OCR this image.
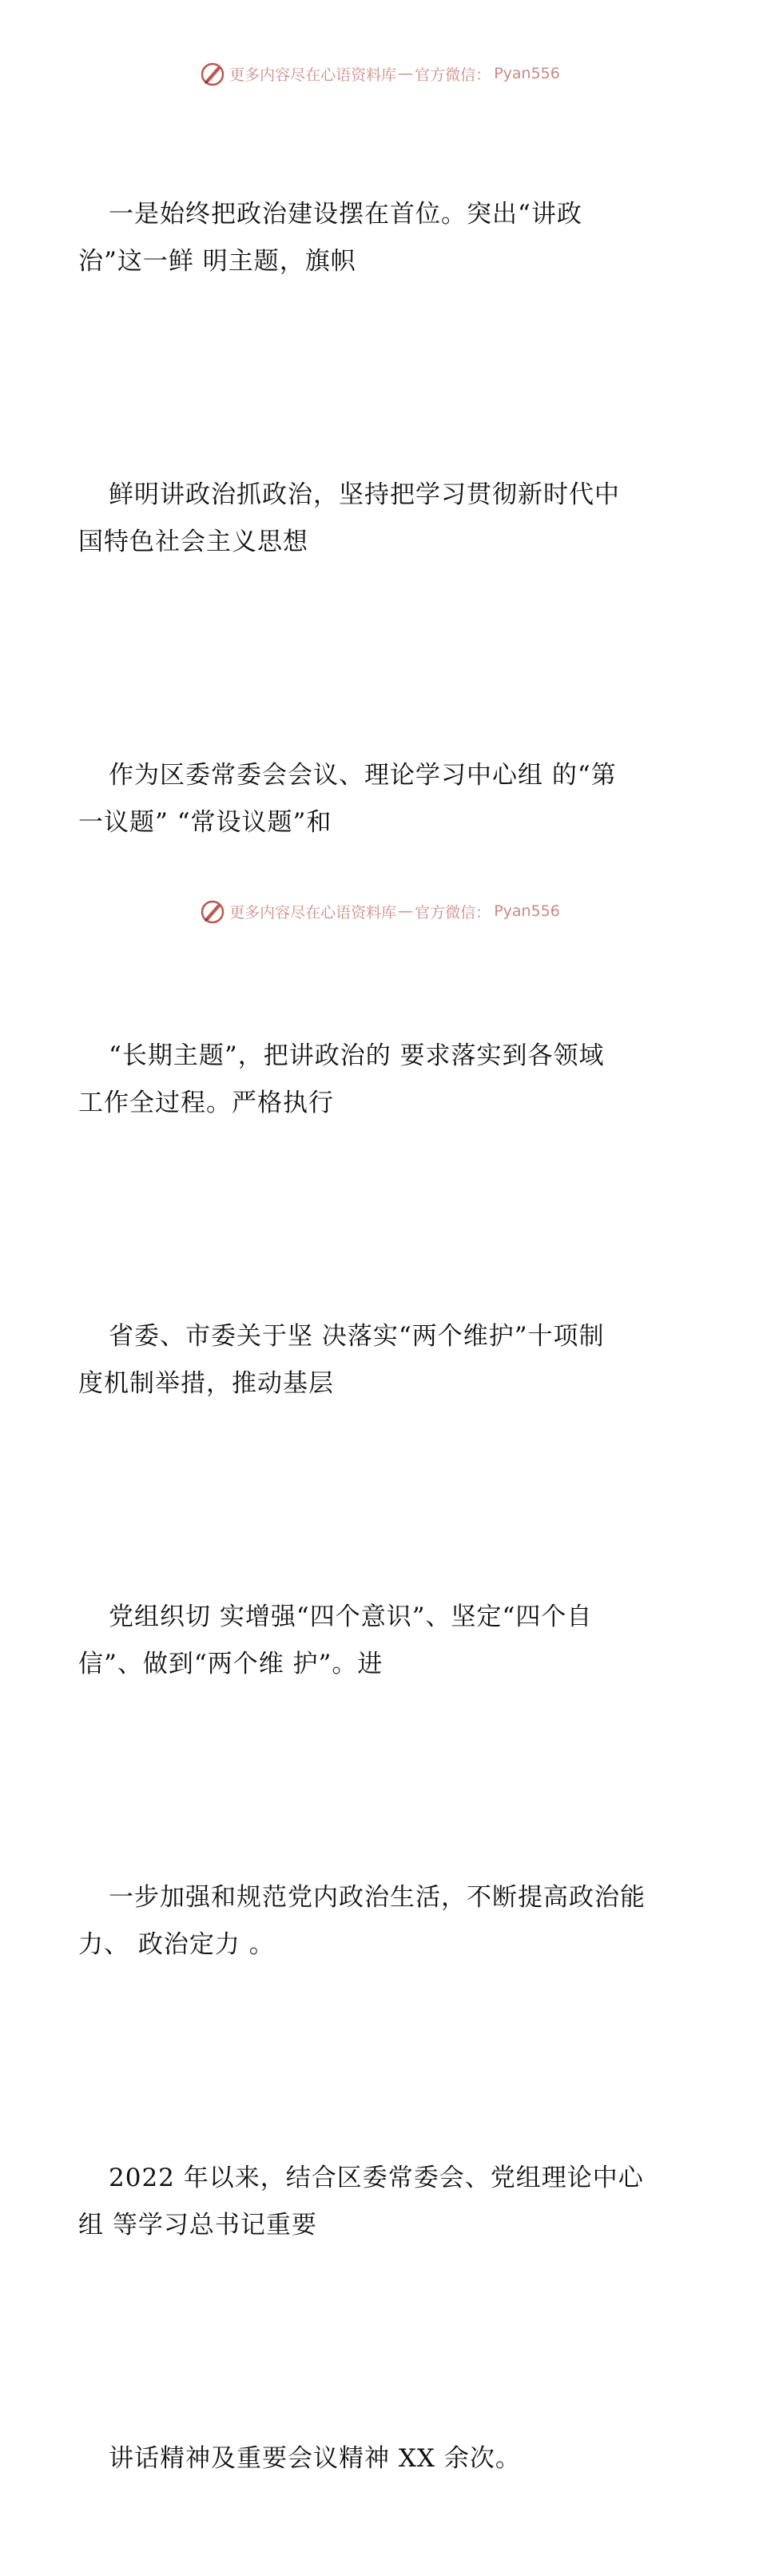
更多内容尽在心语资料库 — 官方微信： Pyan556

一是始终把政治建设摆在首位。突出“讲政
治”这一鲜 明主题，旗帜

鲜明讲政治抓政治，坚持把学习贯彻新时代中
国特色社会主义思想

作为区委常委会会议、理论学习中心组 的“第
一议题” “常设议题”和

“长期主题”，把讲政治的 要求落实到各领域
工作全过程。严格执行

省委、市委关于坚 决落实“两个维护”十项制
度机制举措，推动基层

党组织切 实增强“四个意识”、坚定“四个自
信”、做到“两个维 护”。进

一步加强和规范党内政治生活，不断提高政治能
力、 政治定力 。

2022 年以来，结合区委常委会、党组理论中心
组 等学习总书记重要

讲话精神及重要会议精神 XX 余次。

更多内容尽在心语资料库 — 官方微信： Pyan556
